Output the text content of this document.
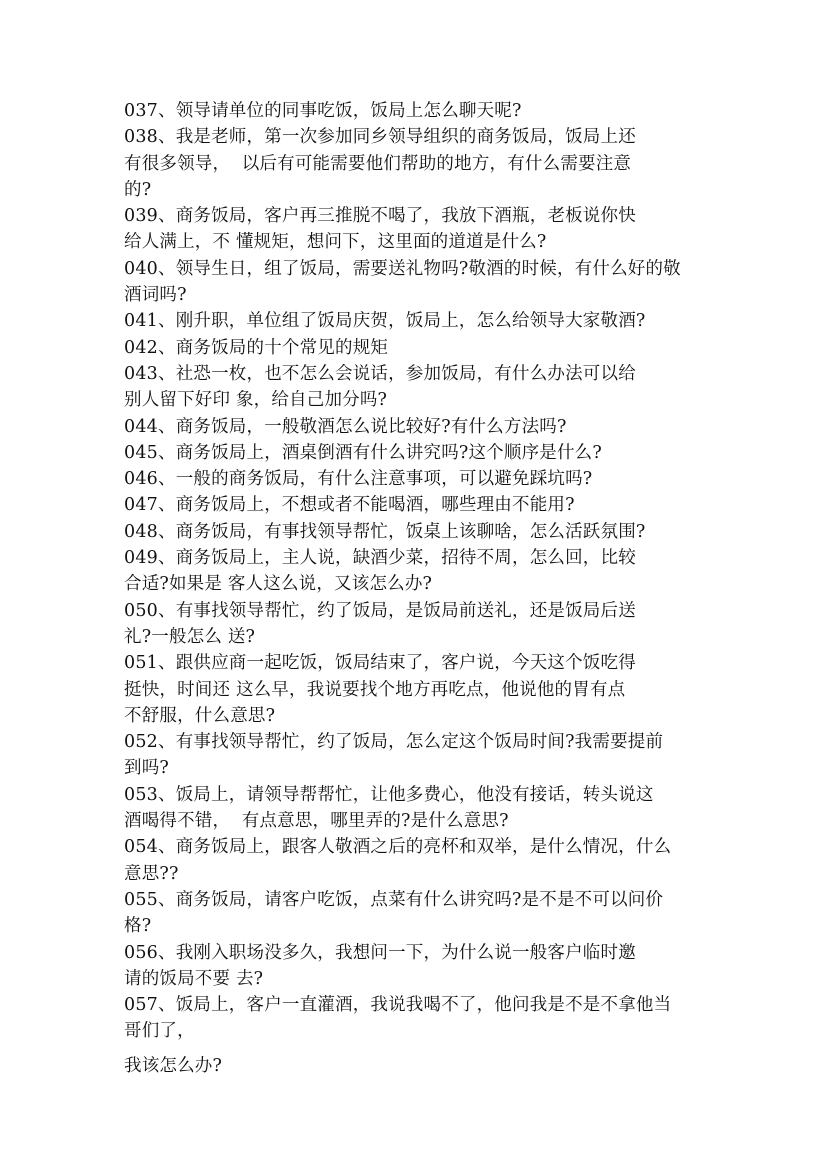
037、领导请单位的同事吃饭，饭局上怎么聊天呢?
038、我是老师，第一次参加同乡领导组织的商务饭局，饭局上还
有很多领导，  以后有可能需要他们帮助的地方，有什么需要注意
的?
039、商务饭局，客户再三推脱不喝了，我放下酒瓶，老板说你快
给人满上，不 懂规矩，想问下，这里面的道道是什么?
040、领导生日，组了饭局，需要送礼物吗?敬酒的时候，有什么好的敬
酒词吗?
041、刚升职，单位组了饭局庆贺，饭局上，怎么给领导大家敬酒?
042、商务饭局的十个常见的规矩
043、社恐一枚，也不怎么会说话，参加饭局，有什么办法可以给
别人留下好印 象，给自己加分吗?
044、商务饭局，一般敬酒怎么说比较好?有什么方法吗?
045、商务饭局上，酒桌倒酒有什么讲究吗?这个顺序是什么?
046、一般的商务饭局，有什么注意事项，可以避免踩坑吗?
047、商务饭局上，不想或者不能喝酒，哪些理由不能用?
048、商务饭局，有事找领导帮忙，饭桌上该聊啥，怎么活跃氛围?
049、商务饭局上，主人说，缺酒少菜，招待不周，怎么回，比较
合适?如果是 客人这么说，又该怎么办?
050、有事找领导帮忙，约了饭局，是饭局前送礼，还是饭局后送
礼?一般怎么 送?
051、跟供应商一起吃饭，饭局结束了，客户说，今天这个饭吃得
挺快，时间还 这么早，我说要找个地方再吃点，他说他的胃有点
不舒服，什么意思?
052、有事找领导帮忙，约了饭局，怎么定这个饭局时间?我需要提前
到吗?
053、饭局上，请领导帮帮忙，让他多费心，他没有接话，转头说这
酒喝得不错，  有点意思，哪里弄的?是什么意思?
054、商务饭局上，跟客人敬酒之后的亮杯和双举，是什么情况，什么
意思??
055、商务饭局，请客户吃饭，点菜有什么讲究吗?是不是不可以问价
格?
056、我刚入职场没多久，我想问一下，为什么说一般客户临时邀
请的饭局不要 去?
057、饭局上，客户一直灌酒，我说我喝不了，他问我是不是不拿他当
哥们了，
我该怎么办?
